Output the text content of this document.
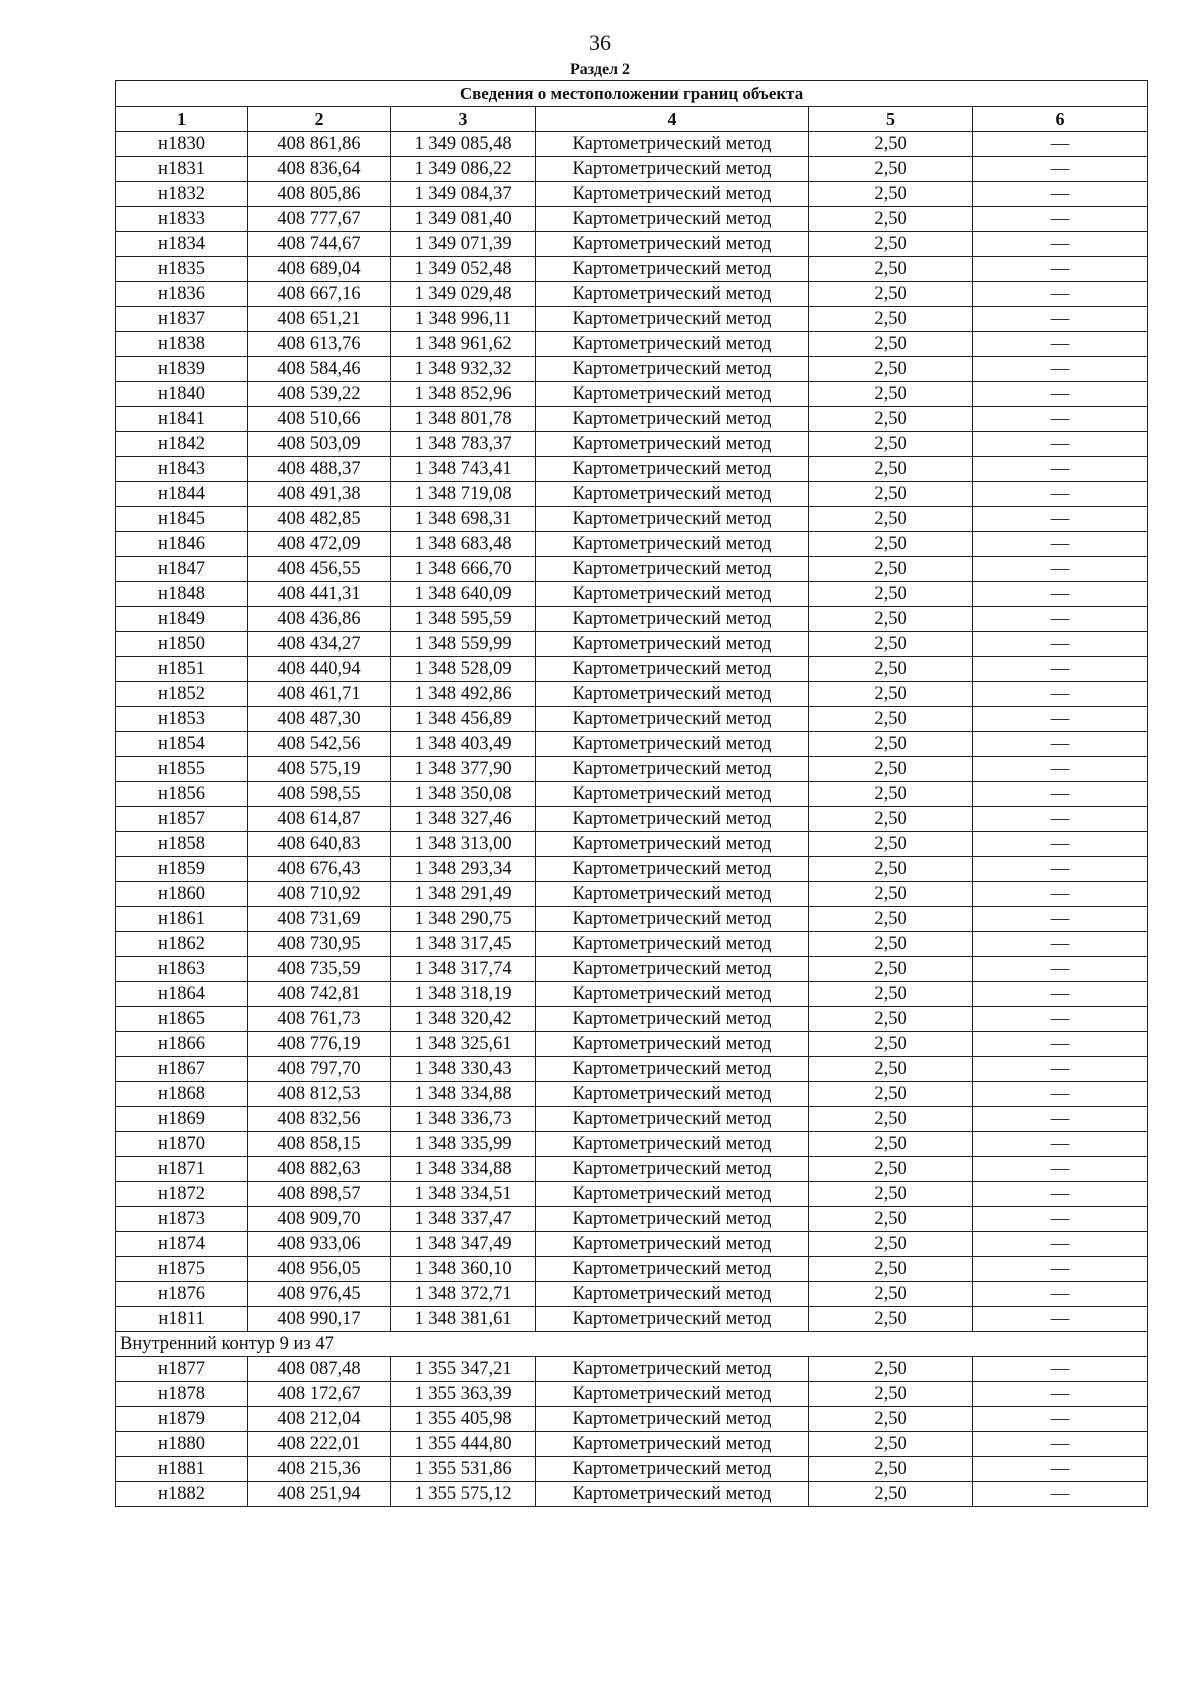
36
Раздел 2
Сведения о местоположении границ объекта					
1	2	3	4	5	6
н1830	408 861,86	1 349 085,48	Картометрический метод	2,50	—
н1831	408 836,64	1 349 086,22	Картометрический метод	2,50	—
н1832	408 805,86	1 349 084,37	Картометрический метод	2,50	—
н1833	408 777,67	1 349 081,40	Картометрический метод	2,50	—
н1834	408 744,67	1 349 071,39	Картометрический метод	2,50	—
н1835	408 689,04	1 349 052,48	Картометрический метод	2,50	—
н1836	408 667,16	1 349 029,48	Картометрический метод	2,50	—
н1837	408 651,21	1 348 996,11	Картометрический метод	2,50	—
н1838	408 613,76	1 348 961,62	Картометрический метод	2,50	—
н1839	408 584,46	1 348 932,32	Картометрический метод	2,50	—
н1840	408 539,22	1 348 852,96	Картометрический метод	2,50	—
н1841	408 510,66	1 348 801,78	Картометрический метод	2,50	—
н1842	408 503,09	1 348 783,37	Картометрический метод	2,50	—
н1843	408 488,37	1 348 743,41	Картометрический метод	2,50	—
н1844	408 491,38	1 348 719,08	Картометрический метод	2,50	—
н1845	408 482,85	1 348 698,31	Картометрический метод	2,50	—
н1846	408 472,09	1 348 683,48	Картометрический метод	2,50	—
н1847	408 456,55	1 348 666,70	Картометрический метод	2,50	—
н1848	408 441,31	1 348 640,09	Картометрический метод	2,50	—
н1849	408 436,86	1 348 595,59	Картометрический метод	2,50	—
н1850	408 434,27	1 348 559,99	Картометрический метод	2,50	—
н1851	408 440,94	1 348 528,09	Картометрический метод	2,50	—
н1852	408 461,71	1 348 492,86	Картометрический метод	2,50	—
н1853	408 487,30	1 348 456,89	Картометрический метод	2,50	—
н1854	408 542,56	1 348 403,49	Картометрический метод	2,50	—
н1855	408 575,19	1 348 377,90	Картометрический метод	2,50	—
н1856	408 598,55	1 348 350,08	Картометрический метод	2,50	—
н1857	408 614,87	1 348 327,46	Картометрический метод	2,50	—
н1858	408 640,83	1 348 313,00	Картометрический метод	2,50	—
н1859	408 676,43	1 348 293,34	Картометрический метод	2,50	—
н1860	408 710,92	1 348 291,49	Картометрический метод	2,50	—
н1861	408 731,69	1 348 290,75	Картометрический метод	2,50	—
н1862	408 730,95	1 348 317,45	Картометрический метод	2,50	—
н1863	408 735,59	1 348 317,74	Картометрический метод	2,50	—
н1864	408 742,81	1 348 318,19	Картометрический метод	2,50	—
н1865	408 761,73	1 348 320,42	Картометрический метод	2,50	—
н1866	408 776,19	1 348 325,61	Картометрический метод	2,50	—
н1867	408 797,70	1 348 330,43	Картометрический метод	2,50	—
н1868	408 812,53	1 348 334,88	Картометрический метод	2,50	—
н1869	408 832,56	1 348 336,73	Картометрический метод	2,50	—
н1870	408 858,15	1 348 335,99	Картометрический метод	2,50	—
н1871	408 882,63	1 348 334,88	Картометрический метод	2,50	—
н1872	408 898,57	1 348 334,51	Картометрический метод	2,50	—
н1873	408 909,70	1 348 337,47	Картометрический метод	2,50	—
н1874	408 933,06	1 348 347,49	Картометрический метод	2,50	—
н1875	408 956,05	1 348 360,10	Картометрический метод	2,50	—
н1876	408 976,45	1 348 372,71	Картометрический метод	2,50	—
н1811	408 990,17	1 348 381,61	Картометрический метод	2,50	—
Внутренний контур 9 из 47					
н1877	408 087,48	1 355 347,21	Картометрический метод	2,50	—
н1878	408 172,67	1 355 363,39	Картометрический метод	2,50	—
н1879	408 212,04	1 355 405,98	Картометрический метод	2,50	—
н1880	408 222,01	1 355 444,80	Картометрический метод	2,50	—
н1881	408 215,36	1 355 531,86	Картометрический метод	2,50	—
н1882	408 251,94	1 355 575,12	Картометрический метод	2,50	—
